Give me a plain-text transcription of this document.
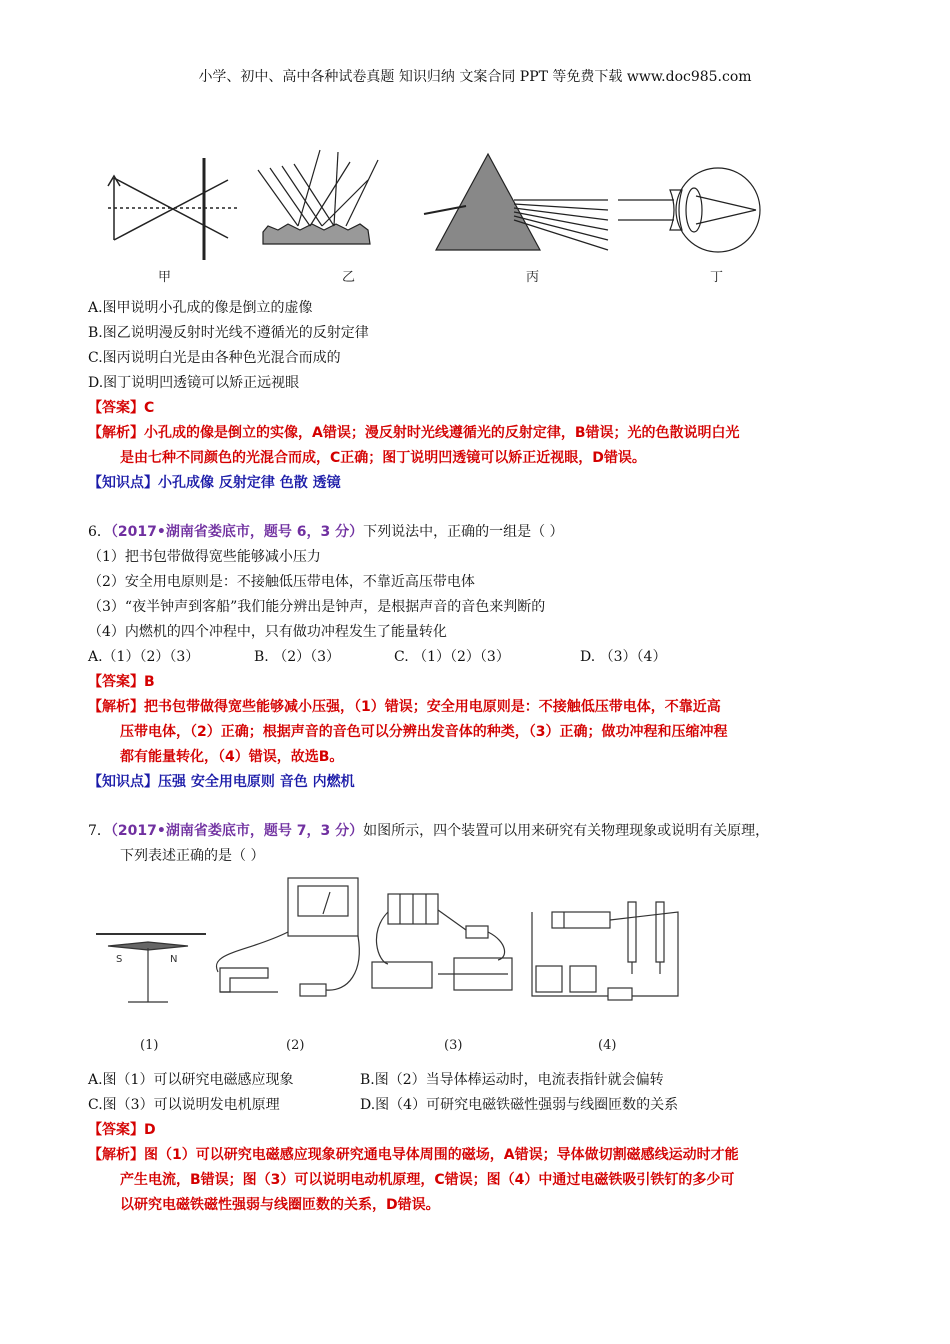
小学、初中、高中各种试卷真题 知识归纳 文案合同 PPT 等免费下载 www.doc985.com
甲	乙	丙	丁
A.图甲说明小孔成的像是倒立的虚像
B.图乙说明漫反射时光线不遵循光的反射定律
C.图丙说明白光是由各种色光混合而成的
D.图丁说明凹透镜可以矫正远视眼
【答案】C
【解析】小孔成的像是倒立的实像，A错误；漫反射时光线遵循光的反射定律，B错误；光的色散说明白光
是由七种不同颜色的光混合而成，C正确；图丁说明凹透镜可以矫正近视眼，D错误。
【知识点】小孔成像 反射定律 色散 透镜
6．（2017•湖南省娄底市，题号 6，3 分）下列说法中，正确的一组是（ ）
（1）把书包带做得宽些能够减小压力
（2）安全用电原则是：不接触低压带电体，不靠近高压带电体
（3）“夜半钟声到客船”我们能分辨出是钟声，是根据声音的音色来判断的
（4）内燃机的四个冲程中，只有做功冲程发生了能量转化
A.（1）（2）（3）	B. （2）（3）	C. （1）（2）（3）	D. （3）（4）
【答案】B
【解析】把书包带做得宽些能够减小压强，（1）错误；安全用电原则是：不接触低压带电体，不靠近高
压带电体，（2）正确；根据声音的音色可以分辨出发音体的种类，（3）正确；做功冲程和压缩冲程
都有能量转化，（4）错误，故选B。
【知识点】压强 安全用电原则 音色 内燃机
7．（2017•湖南省娄底市，题号 7，3 分）如图所示，四个装置可以用来研究有关物理现象或说明有关原理，
下列表述正确的是（ ）
S	N
(1)	(2)	(3)	(4)
A.图（1）可以研究电磁感应现象	B.图（2）当导体棒运动时，电流表指针就会偏转
C.图（3）可以说明发电机原理	D.图（4）可研究电磁铁磁性强弱与线圈匝数的关系
【答案】D
【解析】图（1）可以研究电磁感应现象研究通电导体周围的磁场，A错误；导体做切割磁感线运动时才能
产生电流，B错误；图（3）可以说明电动机原理，C错误；图（4）中通过电磁铁吸引铁钉的多少可
以研究电磁铁磁性强弱与线圈匝数的关系，D错误。
